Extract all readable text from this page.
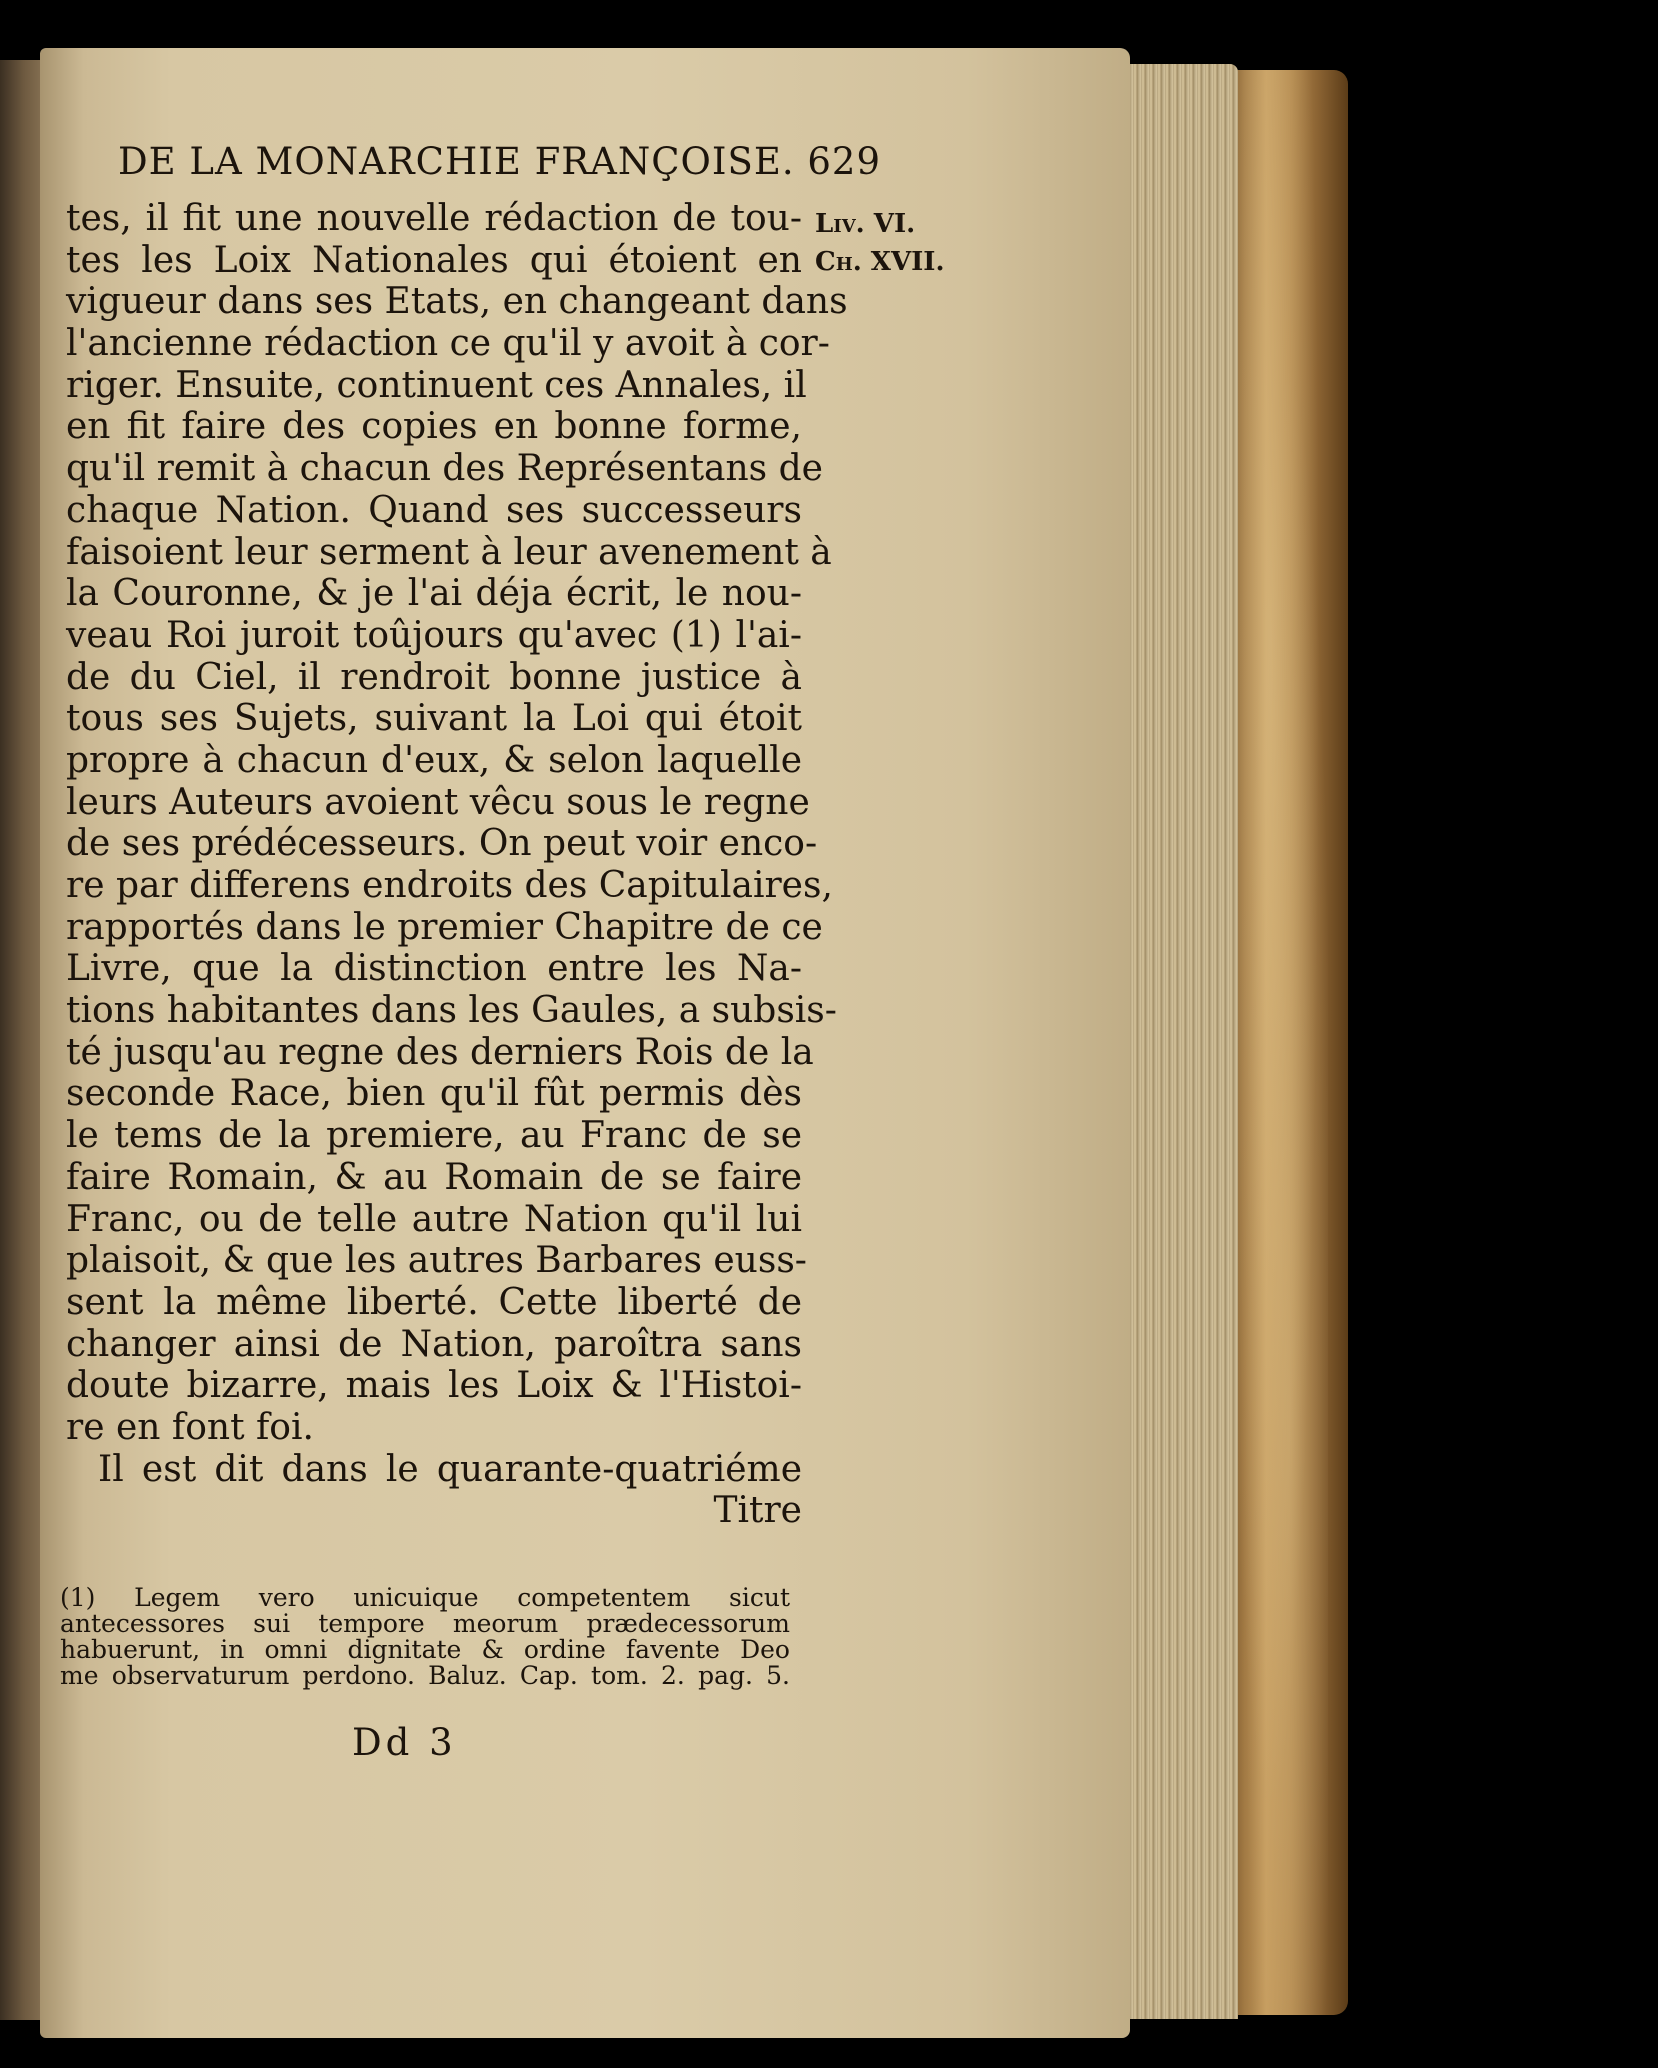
DE LA MONARCHIE FRANÇOISE. 629
Liv. VI.
Ch. XVII.
tes, il fit une nouvelle rédaction de tou-
tes les Loix Nationales qui étoient en
vigueur dans ses Etats, en changeant dans
l'ancienne rédaction ce qu'il y avoit à cor-
riger. Ensuite, continuent ces Annales, il
en fit faire des copies en bonne forme,
qu'il remit à chacun des Représentans de
chaque Nation. Quand ses successeurs
faisoient leur serment à leur avenement à
la Couronne, & je l'ai déja écrit, le nou-
veau Roi juroit toûjours qu'avec (1) l'ai-
de du Ciel, il rendroit bonne justice à
tous ses Sujets, suivant la Loi qui étoit
propre à chacun d'eux, & selon laquelle
leurs Auteurs avoient vêcu sous le regne
de ses prédécesseurs. On peut voir enco-
re par differens endroits des Capitulaires,
rapportés dans le premier Chapitre de ce
Livre, que la distinction entre les Na-
tions habitantes dans les Gaules, a subsis-
té jusqu'au regne des derniers Rois de la
seconde Race, bien qu'il fût permis dès
le tems de la premiere, au Franc de se
faire Romain, & au Romain de se faire
Franc, ou de telle autre Nation qu'il lui
plaisoit, & que les autres Barbares euss-
sent la même liberté. Cette liberté de
changer ainsi de Nation, paroîtra sans
doute bizarre, mais les Loix & l'Histoi-
re en font foi.
Il est dit dans le quarante-quatriéme
Titre
(1) Legem vero unicuique competentem sicut
antecessores sui tempore meorum prædecessorum
habuerunt, in omni dignitate & ordine favente Deo
me observaturum perdono. Baluz. Cap. tom. 2. pag. 5.
Dd 3
